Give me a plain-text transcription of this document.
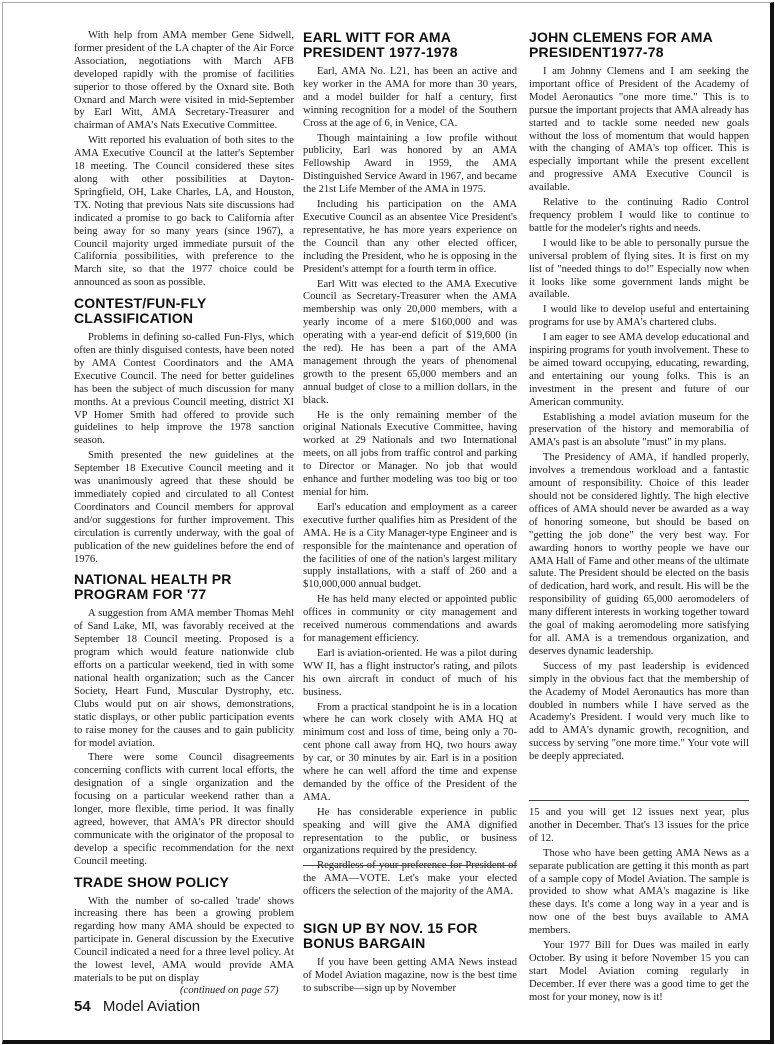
With help from AMA member Gene Sidwell, former president of the LA chapter of the Air Force Association, negotiations with March AFB developed rapidly with the promise of facilities superior to those offered by the Oxnard site. Both Oxnard and March were visited in mid-September by Earl Witt, AMA Secretary-Treasurer and chairman of AMA's Nats Executive Committee.

Witt reported his evaluation of both sites to the AMA Executive Council at the latter's September 18 meeting. The Council considered these sites along with other possibilities at Dayton-Springfield, OH, Lake Charles, LA, and Houston, TX. Noting that previous Nats site discussions had indicated a promise to go back to California after being away for so many years (since 1967), a Council majority urged immediate pursuit of the California possibilities, with preference to the March site, so that the 1977 choice could be announced as soon as possible.

CONTEST/FUN-FLY CLASSIFICATION

Problems in defining so-called Fun-Flys, which often are thinly disguised contests, have been noted by AMA Contest Coordinators and the AMA Executive Council. The need for better guidelines has been the subject of much discussion for many months. At a previous Council meeting, district XI VP Homer Smith had offered to provide such guidelines to help improve the 1978 sanction season.

Smith presented the new guidelines at the September 18 Executive Council meeting and it was unanimously agreed that these should be immediately copied and circulated to all Contest Coordinators and Council members for approval and/or suggestions for further improvement. This circulation is currently underway, with the goal of publication of the new guidelines before the end of 1976.

NATIONAL HEALTH PR PROGRAM FOR '77

A suggestion from AMA member Thomas Mehl of Sand Lake, MI, was favorably received at the September 18 Council meeting. Proposed is a program which would feature nationwide club efforts on a particular weekend, tied in with some national health organization; such as the Cancer Society, Heart Fund, Muscular Dystrophy, etc. Clubs would put on air shows, demonstrations, static displays, or other public participation events to raise money for the causes and to gain publicity for model aviation.

There were some Council disagreements concerning conflicts with current local efforts, the designation of a single organization and the focusing on a particular weekend rather than a longer, more flexible, time period. It was finally agreed, however, that AMA's PR director should communicate with the originator of the proposal to develop a specific recommendation for the next Council meeting.

TRADE SHOW POLICY

With the number of so-called 'trade' shows increasing there has been a growing problem regarding how many AMA should be expected to participate in. General discussion by the Executive Council indicated a need for a three level policy. At the lowest level, AMA would provide AMA materials to be put on display

(continued on page 57)
EARL WITT FOR AMA PRESIDENT 1977-1978

Earl, AMA No. L21, has been an active and key worker in the AMA for more than 30 years, and a model builder for half a century, first winning recognition for a model of the Southern Cross at the age of 6, in Venice, CA.

Though maintaining a low profile without publicity, Earl was honored by an AMA Fellowship Award in 1959, the AMA Distinguished Service Award in 1967, and became the 21st Life Member of the AMA in 1975.

Including his participation on the AMA Executive Council as an absentee Vice President's representative, he has more years experience on the Council than any other elected officer, including the President, who he is opposing in the President's attempt for a fourth term in office.

Earl Witt was elected to the AMA Executive Council as Secretary-Treasurer when the AMA membership was only 20,000 members, with a yearly income of a mere $160,000 and was operating with a year-end deficit of $19,600 (in the red). He has been a part of the AMA management through the years of phenomenal growth to the present 65,000 members and an annual budget of close to a million dollars, in the black.

He is the only remaining member of the original Nationals Executive Committee, having worked at 29 Nationals and two International meets, on all jobs from traffic control and parking to Director or Manager. No job that would enhance and further modeling was too big or too menial for him.

Earl's education and employment as a career executive further qualifies him as President of the AMA. He is a City Manager-type Engineer and is responsible for the maintenance and operation of the facilities of one of the nation's largest military supply installations, with a staff of 260 and a $10,000,000 annual budget.

He has held many elected or appointed public offices in community or city management and received numerous commendations and awards for management efficiency.

Earl is aviation-oriented. He was a pilot during WW II, has a flight instructor's rating, and pilots his own aircraft in conduct of much of his business.

From a practical standpoint he is in a location where he can work closely with AMA HQ at minimum cost and loss of time, being only a 70-cent phone call away from HQ, two hours away by car, or 30 minutes by air. Earl is in a position where he can well afford the time and expense demanded by the office of the President of the AMA.

He has considerable experience in public speaking and will give the AMA dignified representation to the public, or business organizations required by the presidency.

the AMA—VOTE. Let's make your elected officers the selection of the majority of the AMA.

SIGN UP BY NOV. 15 FOR BONUS BARGAIN

If you have been getting AMA News instead of Model Aviation magazine, now is the best time to subscribe—sign up by November

JOHN CLEMENS FOR AMA PRESIDENT1977-78

I am Johnny Clemens and I am seeking the important office of President of the Academy of Model Aeronautics "one more time." This is to pursue the important projects that AMA already has started and to tackle some needed new goals without the loss of momentum that would happen with the changing of AMA's top officer. This is especially important while the present excellent and progressive AMA Executive Council is available.

Relative to the continuing Radio Control frequency problem I would like to continue to battle for the modeler's rights and needs.

I would like to be able to personally pursue the universal problem of flying sites. It is first on my list of "needed things to do!" Especially now when it looks like some government lands might be available.

I would like to develop useful and entertaining programs for use by AMA's chartered clubs.

I am eager to see AMA develop educational and inspiring programs for youth involvement. These to be aimed toward occupying, educating, rewarding, and entertaining our young folks. This is an investment in the present and future of our American community.

Establishing a model aviation museum for the preservation of the history and memorabilia of AMA's past is an absolute "must" in my plans.

The Presidency of AMA, if handled properly, involves a tremendous workload and a fantastic amount of responsibility. Choice of this leader should not be considered lightly. The high elective offices of AMA should never be awarded as a way of honoring someone, but should be based on "getting the job done" the very best way. For awarding honors to worthy people we have our AMA Hall of Fame and other means of the ultimate salute. The President should be elected on the basis of dedication, hard work, and result. His will be the responsibility of guiding 65,000 aeromodelers of many different interests in working together toward the goal of making aeromodeling more satisfying for all. AMA is a tremendous organization, and deserves dynamic leadership.

Success of my past leadership is evidenced simply in the obvious fact that the membership of the Academy of Model Aeronautics has more than doubled in numbers while I have served as the Academy's President. I would very much like to add to AMA's dynamic growth, recognition, and success by serving "one more time." Your vote will be deeply appreciated.

15 and you will get 12 issues next year, plus another in December. That's 13 issues for the price of 12.

Those who have been getting AMA News as a separate publication are getting it this month as part of a sample copy of Model Aviation. The sample is provided to show what AMA's magazine is like these days. It's come a long way in a year and is now one of the best buys available to AMA members.

Your 1977 Bill for Dues was mailed in early October. By using it before November 15 you can start Model Aviation coming regularly in December. If ever there was a good time to get the most for your money, now is it!

54 Model Aviation
